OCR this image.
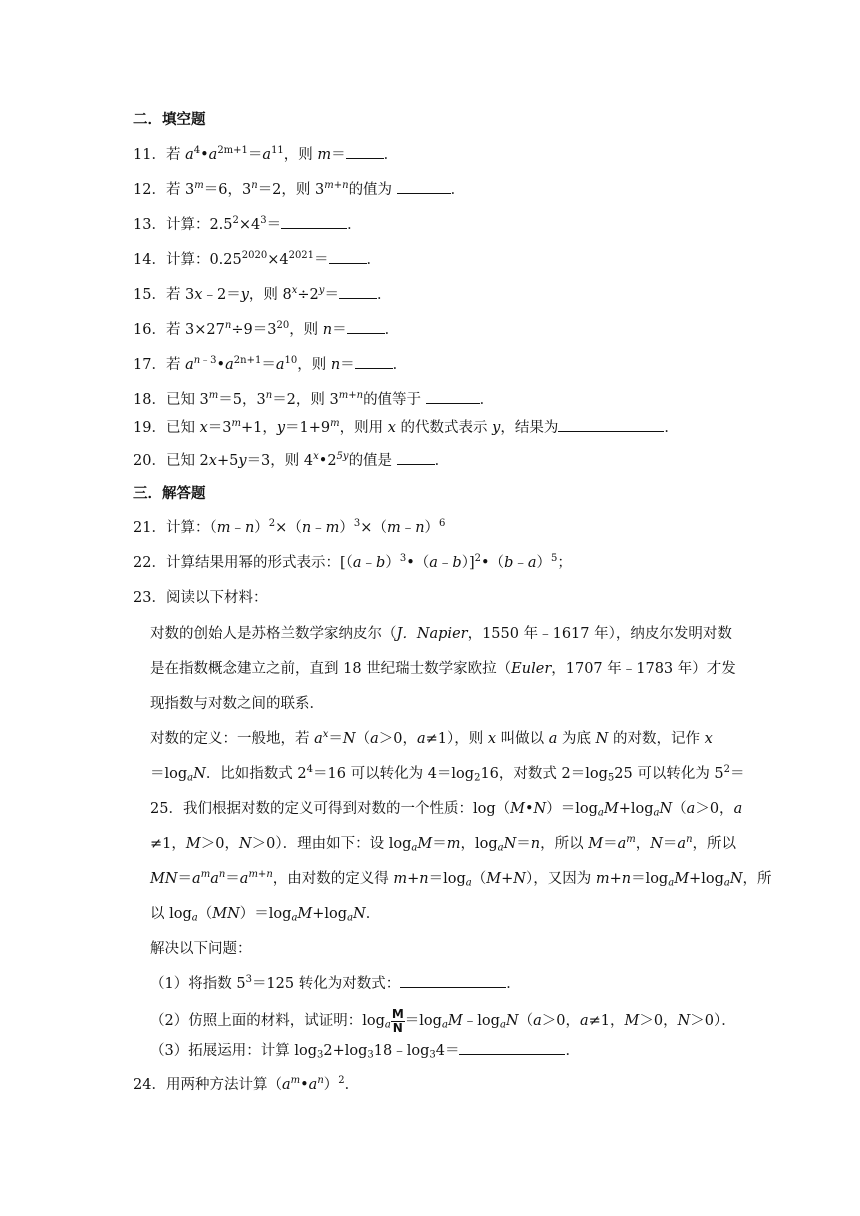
二．填空题
11．若 $a^4•a^{2m+1}=a^{11}$，则 m＝	．
12．若 $3^m=6$，$3^n=2$，则 $3^{m+n}$的值为	．
13．计算：$2.5^2\times 4^3=$	．
14．计算：$0.25^{2020}\times 4^{2021}=$	．
15．若 3x﹣2＝y，则 $8^x\div 2^y=$	．
16．若 $3\times 27^n\div 9=3^{20}$，则 n＝	．
17．若 $a^{n﹣3}•a^{2n+1}=a^{10}$，则 n＝	．
18．已知 $3^m=5$，$3^n=2$，则 $3^{m+n}$的值等于	．
19．已知 $x=3^m+1$，$y=1+9^m$，则用 x 的代数式表示 y，结果为	．
20．已知 2x+5y＝3，则 $4^x•2^{5y}$的值是	．
三．解答题
21．计算：（m﹣n）$^2$×（n﹣m）$^3$×（m﹣n）$^6$
22．计算结果用幂的形式表示：[（a﹣b）$^3$•（a﹣b）]$^2$•（b﹣a）$^5$；
23．阅读以下材料：
对数的创始人是苏格兰数学家纳皮尔（J．Napier，1550 年﹣1617 年），纳皮尔发明对数
是在指数概念建立之前，直到 18 世纪瑞士数学家欧拉（Euler，1707 年﹣1783 年）才发
现指数与对数之间的联系．
对数的定义：一般地，若 $a^x=N(a>0$，a≠1），则 x 叫做以 a 为底 N 的对数，记作 x
$=\log_aN$．比如指数式 $2^4=16$ 可以转化为 $4=\log_216$，对数式 $2=\log_525$ 可以转化为 $5^2=$
25．我们根据对数的定义可得到对数的一个性质：$\log(M•N)=\log_aM+\log_aN(a>0$，a
≠1，M＞0，N＞0）．理由如下：设 $\log_aM=m$，$\log_aN=n$，所以 $M=a^m$，$N=a^n$，所以
$MN=a^ma^n=a^{m+n}$，由对数的定义得 $m+n=\log_a(M+N)$，又因为 $m+n=\log_aM+\log_aN$，所
以 $\log_a(MN)=\log_aM+\log_aN$．
解决以下问题：
（1）将指数 $5^3=125$ 转化为对数式：	．
（2）仿照上面的材料，试证明：$\log_a \frac{M}{N}$ $=\log_aM﹣\log_aN(a>0$，a≠1，M＞0，N＞0）．
（3）拓展运用：计算 $\log_32+\log_318﹣\log_34=$	．
24．用两种方法计算$(a^m•a^n)^2$．
